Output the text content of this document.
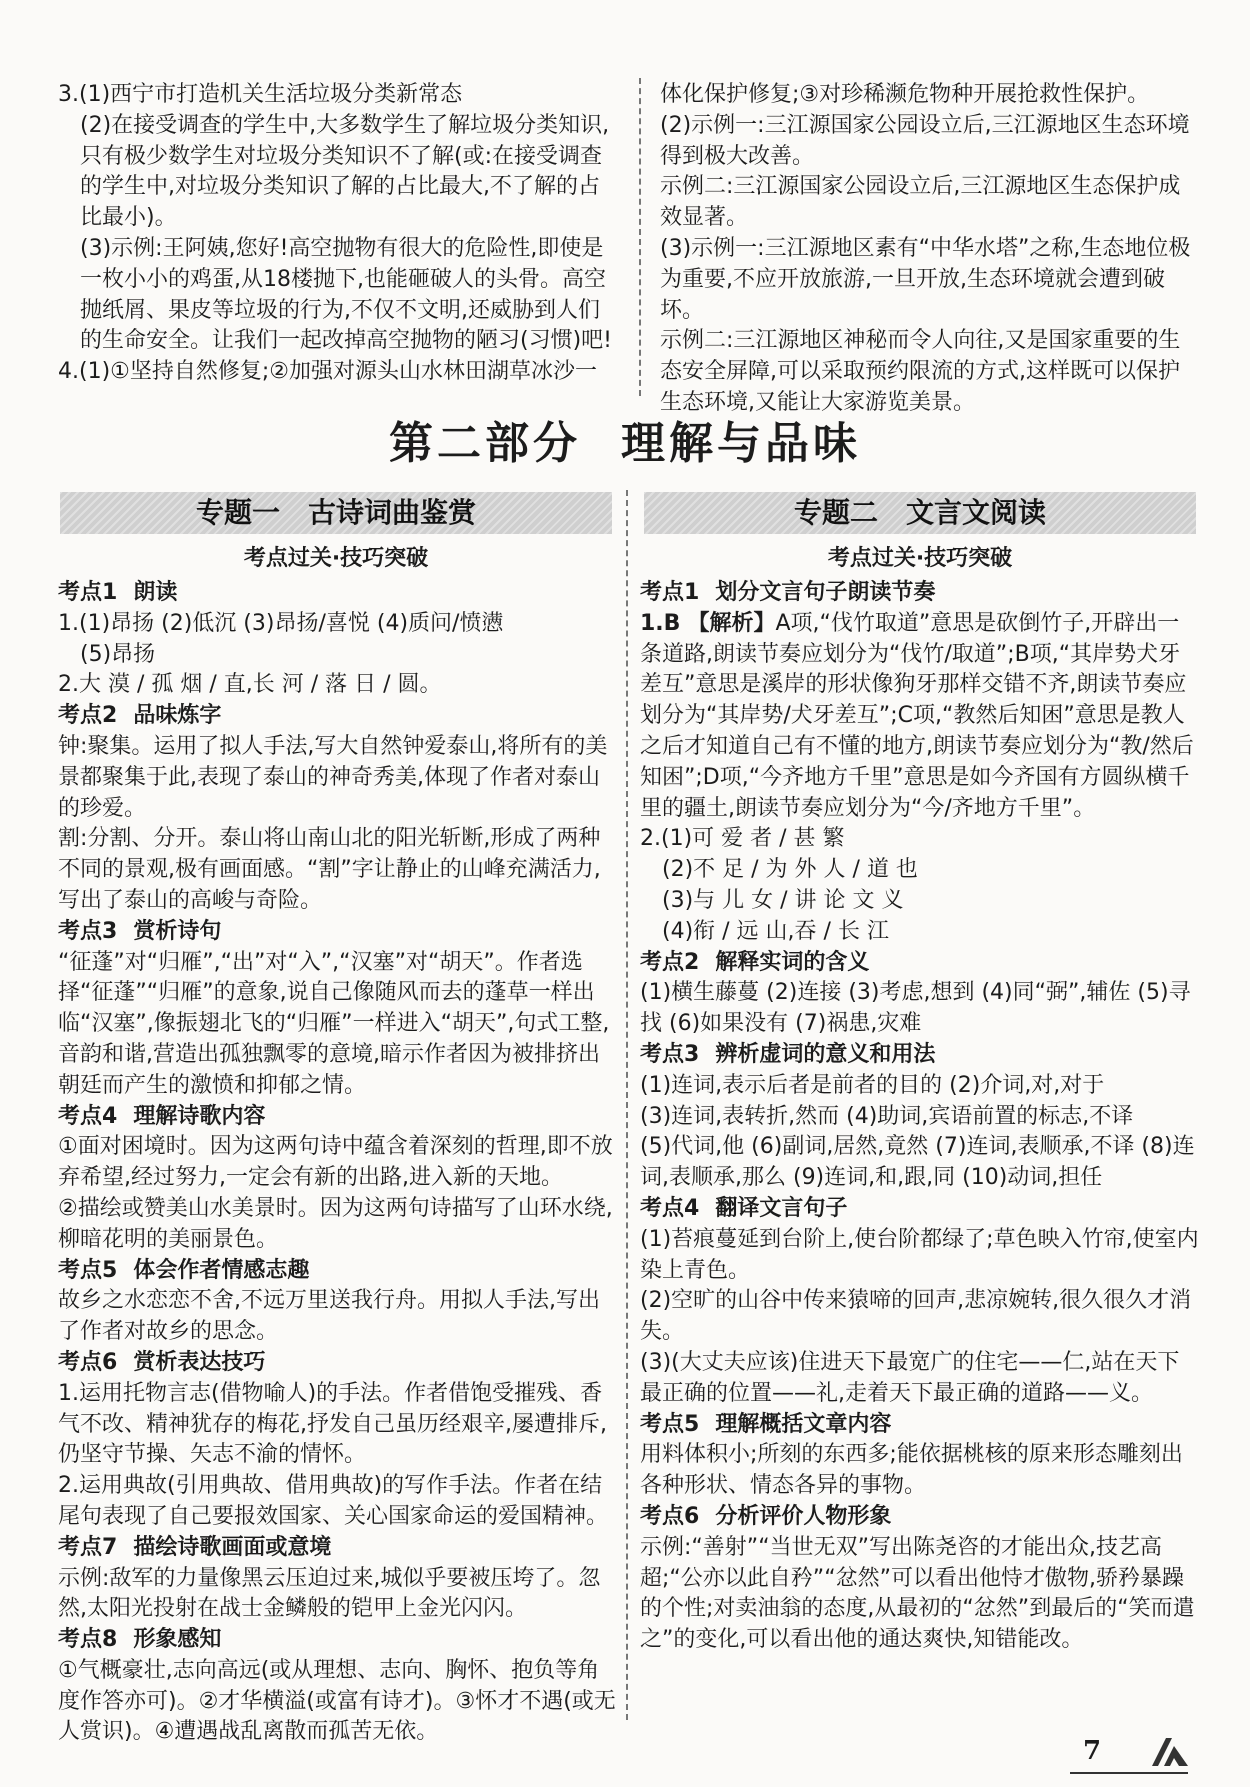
3.(1)西宁市打造机关生活垃圾分类新常态

(2)在接受调查的学生中,大多数学生了解垃圾分类知识,只有极少数学生对垃圾分类知识不了解(或:在接受调查的学生中,对垃圾分类知识了解的占比最大,不了解的占比最小)。

(3)示例:王阿姨,您好!高空抛物有很大的危险性,即使是一枚小小的鸡蛋,从18楼抛下,也能砸破人的头骨。高空抛纸屑、果皮等垃圾的行为,不仅不文明,还威胁到人们的生命安全。让我们一起改掉高空抛物的陋习(习惯)吧!

4.(1)①坚持自然修复;②加强对源头山水林田湖草冰沙一

体化保护修复;③对珍稀濒危物种开展抢救性保护。

(2)示例一:三江源国家公园设立后,三江源地区生态环境得到极大改善。

示例二:三江源国家公园设立后,三江源地区生态保护成效显著。

(3)示例一:三江源地区素有“中华水塔”之称,生态地位极为重要,不应开放旅游,一旦开放,生态环境就会遭到破坏。

示例二:三江源地区神秘而令人向往,又是国家重要的生态安全屏障,可以采取预约限流的方式,这样既可以保护生态环境,又能让大家游览美景。

第二部分 理解与品味
专题一 古诗词曲鉴赏	专题二 文言文阅读
考点过关·技巧突破	考点过关·技巧突破

考点1 朗读

1.(1)昂扬 (2)低沉 (3)昂扬/喜悦 (4)质问/愤懑

(5)昂扬

2.大 漠 / 孤 烟 / 直,长 河 / 落 日 / 圆。

考点2 品味炼字

钟:聚集。运用了拟人手法,写大自然钟爱泰山,将所有的美景都聚集于此,表现了泰山的神奇秀美,体现了作者对泰山的珍爱。

割:分割、分开。泰山将山南山北的阳光斩断,形成了两种不同的景观,极有画面感。“割”字让静止的山峰充满活力,写出了泰山的高峻与奇险。

考点3 赏析诗句

“征蓬”对“归雁”,“出”对“入”,“汉塞”对“胡天”。作者选择“征蓬”“归雁”的意象,说自己像随风而去的蓬草一样出临“汉塞”,像振翅北飞的“归雁”一样进入“胡天”,句式工整,音韵和谐,营造出孤独飘零的意境,暗示作者因为被排挤出朝廷而产生的激愤和抑郁之情。

考点4 理解诗歌内容

①面对困境时。因为这两句诗中蕴含着深刻的哲理,即不放弃希望,经过努力,一定会有新的出路,进入新的天地。

②描绘或赞美山水美景时。因为这两句诗描写了山环水绕,柳暗花明的美丽景色。

考点5 体会作者情感志趣

故乡之水恋恋不舍,不远万里送我行舟。用拟人手法,写出了作者对故乡的思念。

考点6 赏析表达技巧

1.运用托物言志(借物喻人)的手法。作者借饱受摧残、香气不改、精神犹存的梅花,抒发自己虽历经艰辛,屡遭排斥,仍坚守节操、矢志不渝的情怀。

2.运用典故(引用典故、借用典故)的写作手法。作者在结尾句表现了自己要报效国家、关心国家命运的爱国精神。

考点7 描绘诗歌画面或意境

示例:敌军的力量像黑云压迫过来,城似乎要被压垮了。忽然,太阳光投射在战士金鳞般的铠甲上金光闪闪。

考点8 形象感知

①气概豪壮,志向高远(或从理想、志向、胸怀、抱负等角度作答亦可)。②才华横溢(或富有诗才)。③怀才不遇(或无人赏识)。④遭遇战乱离散而孤苦无依。

考点1 划分文言句子朗读节奏

1.B 【解析】A项,“伐竹取道”意思是砍倒竹子,开辟出一条道路,朗读节奏应划分为“伐竹/取道”;B项,“其岸势犬牙差互”意思是溪岸的形状像狗牙那样交错不齐,朗读节奏应划分为“其岸势/犬牙差互”;C项,“教然后知困”意思是教人之后才知道自己有不懂的地方,朗读节奏应划分为“教/然后知困”;D项,“今齐地方千里”意思是如今齐国有方圆纵横千里的疆土,朗读节奏应划分为“今/齐地方千里”。

2.(1)可 爱 者 / 甚 繁

(2)不 足 / 为 外 人 / 道 也

(3)与 儿 女 / 讲 论 文 义

(4)衔 / 远 山,吞 / 长 江

考点2 解释实词的含义

(1)横生藤蔓 (2)连接 (3)考虑,想到 (4)同“弼”,辅佐 (5)寻找 (6)如果没有 (7)祸患,灾难

考点3 辨析虚词的意义和用法

(1)连词,表示后者是前者的目的 (2)介词,对,对于

(3)连词,表转折,然而 (4)助词,宾语前置的标志,不译

(5)代词,他 (6)副词,居然,竟然 (7)连词,表顺承,不译 (8)连词,表顺承,那么 (9)连词,和,跟,同 (10)动词,担任

考点4 翻译文言句子

(1)苔痕蔓延到台阶上,使台阶都绿了;草色映入竹帘,使室内染上青色。

(2)空旷的山谷中传来猿啼的回声,悲凉婉转,很久很久才消失。

(3)(大丈夫应该)住进天下最宽广的住宅——仁,站在天下最正确的位置——礼,走着天下最正确的道路——义。

考点5 理解概括文章内容

用料体积小;所刻的东西多;能依据桃核的原来形态雕刻出各种形状、情态各异的事物。

考点6 分析评价人物形象

示例:“善射”“当世无双”写出陈尧咨的才能出众,技艺高超;“公亦以此自矜”“忿然”可以看出他恃才傲物,骄矜暴躁的个性;对卖油翁的态度,从最初的“忿然”到最后的“笑而遣之”的变化,可以看出他的通达爽快,知错能改。

7
